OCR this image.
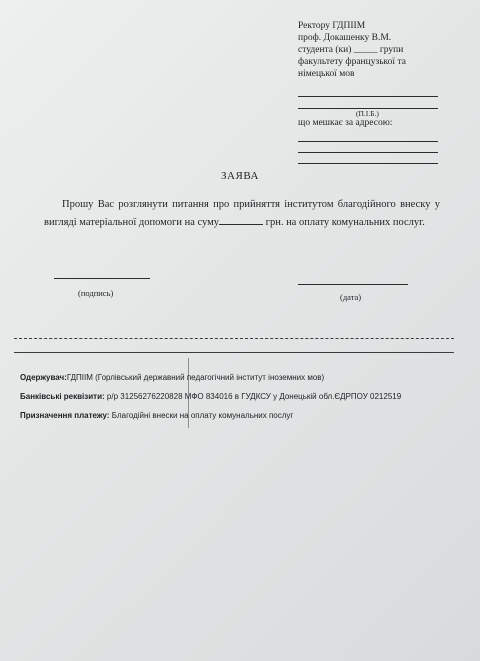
Ректору ГДПІІМ
проф. Докашенку В.М.
студента (ки) _____ групи
факультету французької та
німецької мов
(П.І.Б.)
що мешкає за адресою:
ЗАЯВА
Прошу Вас розглянути питання про прийняття інститутом благодійного внеску у вигляді матеріальної допомоги на суму	грн. на оплату комунальних послуг.
(подпись)	(дата)
Одержувач:ГДПІІМ (Горлівський державний педагогічний інститут іноземних мов)
Банківські реквізити: р/р 31256276220828 МФО 834016 в ГУДКСУ у Донецькій обл.ЄДРПОУ 0212519
Призначення платежу: Благодійні внески на оплату комунальних послуг
